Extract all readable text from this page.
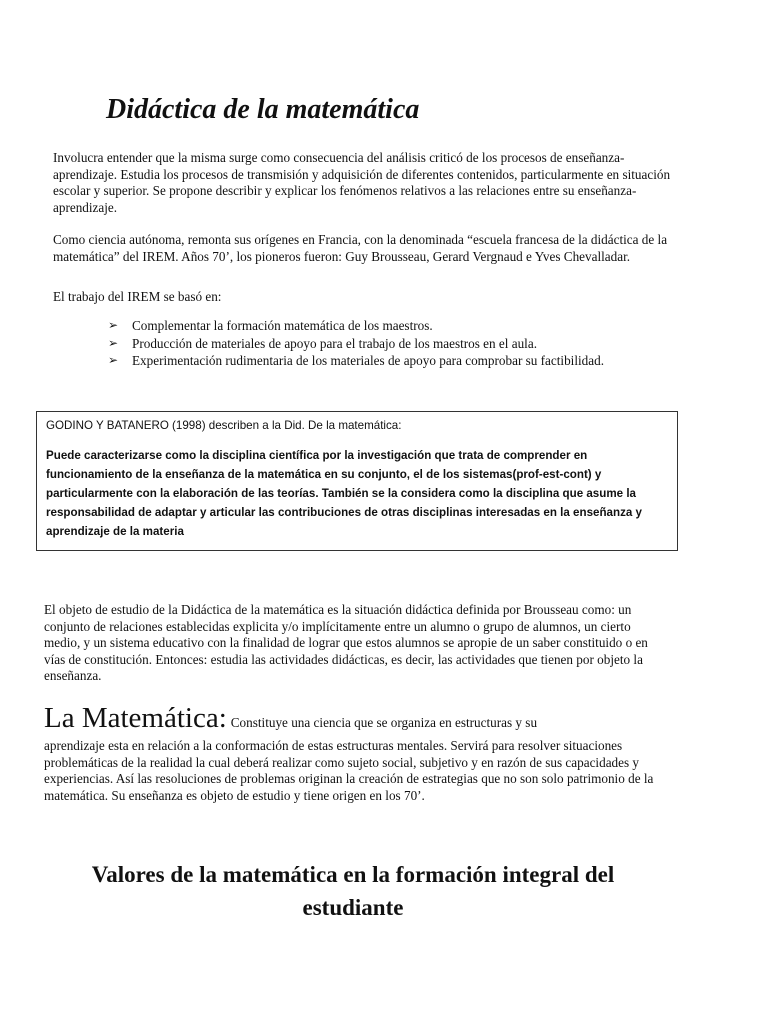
Didáctica de la matemática

Involucra entender que la misma surge como consecuencia del análisis criticó de los procesos de enseñanza-aprendizaje. Estudia los procesos de transmisión y adquisición de diferentes contenidos, particularmente en situación escolar y superior. Se propone describir y explicar los fenómenos relativos a las relaciones entre su enseñanza-aprendizaje.

Como ciencia autónoma, remonta sus orígenes en Francia, con la denominada “escuela francesa de la didáctica de la matemática” del IREM. Años 70’, los pioneros fueron: Guy Brousseau, Gerard Vergnaud e Yves Chevalladar.

El trabajo del IREM se basó en:

➢ Complementar la formación matemática de los maestros.
➢ Producción de materiales de apoyo para el trabajo de los maestros en el aula.
➢ Experimentación rudimentaria de los materiales de apoyo para comprobar su factibilidad.

GODINO Y BATANERO (1998) describen a la Did. De la matemática:

Puede caracterizarse como la disciplina científica por la investigación que trata de comprender en funcionamiento de la enseñanza de la matemática en su conjunto, el de los sistemas(prof-est-cont) y particularmente con la elaboración de las teorías. También se la considera como la disciplina que asume la responsabilidad de adaptar y articular las contribuciones de otras disciplinas interesadas en la enseñanza y aprendizaje de la materia

El objeto de estudio de la Didáctica de la matemática es la situación didáctica definida por Brousseau como: un conjunto de relaciones establecidas explicita y/o implícitamente entre un alumno o grupo de alumnos, un cierto medio, y un sistema educativo con la finalidad de lograr que estos alumnos se apropie de un saber constituido o en vías de constitución. Entonces: estudia las actividades didácticas, es decir, las actividades que tienen por objeto la enseñanza.

La Matemática: Constituye una ciencia que se organiza en estructuras y su

aprendizaje esta en relación a la conformación de estas estructuras mentales. Servirá para resolver situaciones problemáticas de la realidad la cual deberá realizar como sujeto social, subjetivo y en razón de sus capacidades y experiencias. Así las resoluciones de problemas originan la creación de estrategias que no son solo patrimonio de la matemática. Su enseñanza es objeto de estudio y tiene origen en los 70’.

Valores de la matemática en la formación integral del estudiante
